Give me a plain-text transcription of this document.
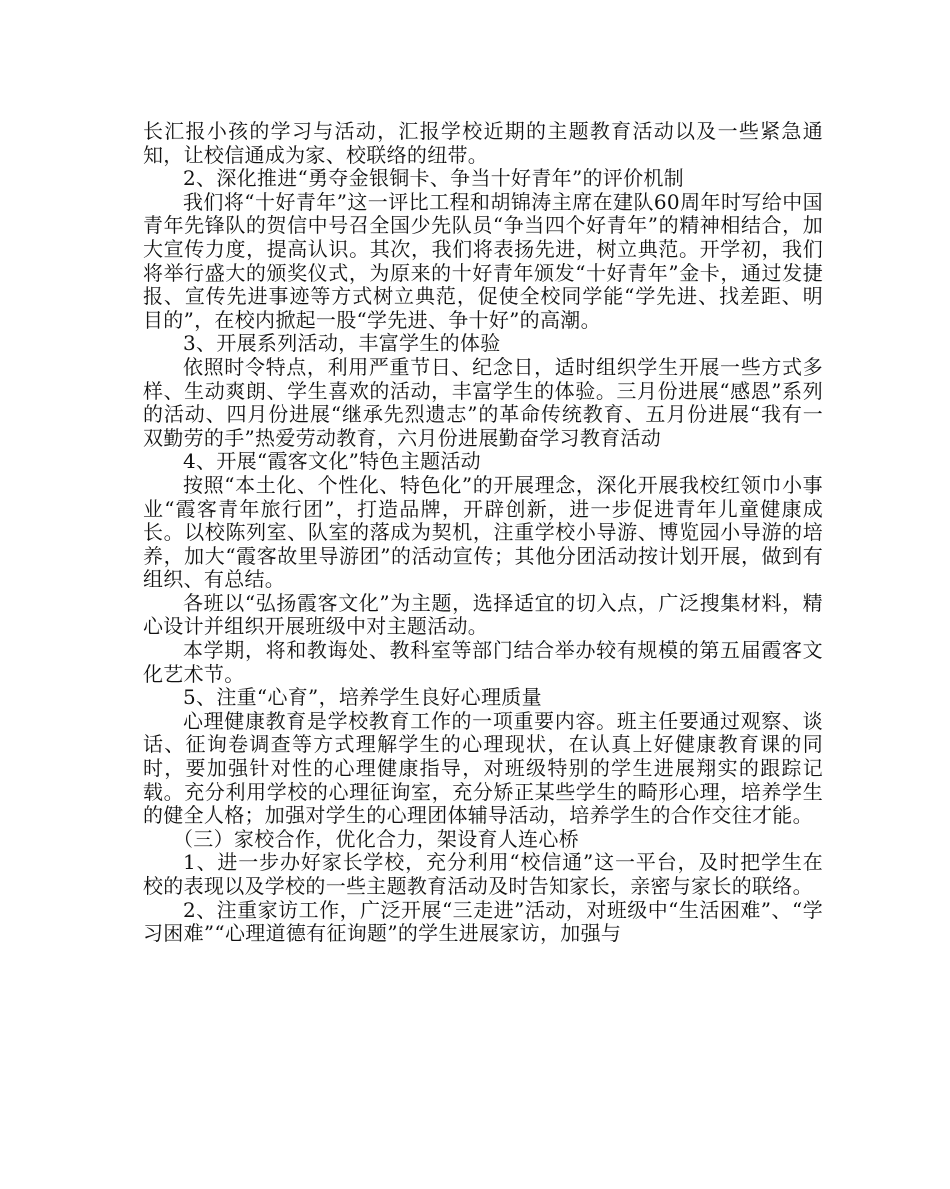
长汇报小孩的学习与活动，汇报学校近期的主题教育活动以及一些紧急通知，让校信通成为家、校联络的纽带。

2、深化推进“勇夺金银铜卡、争当十好青年”的评价机制

我们将“十好青年”这一评比工程和胡锦涛主席在建队60周年时写给中国青年先锋队的贺信中号召全国少先队员“争当四个好青年”的精神相结合，加大宣传力度，提高认识。其次，我们将表扬先进，树立典范。开学初，我们将举行盛大的颁奖仪式，为原来的十好青年颁发“十好青年”金卡，通过发捷报、宣传先进事迹等方式树立典范，促使全校同学能“学先进、找差距、明目的”，在校内掀起一股“学先进、争十好”的高潮。

3、开展系列活动，丰富学生的体验

依照时令特点，利用严重节日、纪念日，适时组织学生开展一些方式多样、生动爽朗、学生喜欢的活动，丰富学生的体验。三月份进展“感恩”系列的活动、四月份进展“继承先烈遗志”的革命传统教育、五月份进展“我有一双勤劳的手”热爱劳动教育，六月份进展勤奋学习教育活动

4、开展“霞客文化”特色主题活动

按照“本土化、个性化、特色化”的开展理念，深化开展我校红领巾小事业“霞客青年旅行团”，打造品牌，开辟创新，进一步促进青年儿童健康成长。以校陈列室、队室的落成为契机，注重学校小导游、博览园小导游的培养，加大“霞客故里导游团”的活动宣传；其他分团活动按计划开展，做到有组织、有总结。

各班以“弘扬霞客文化”为主题，选择适宜的切入点，广泛搜集材料，精心设计并组织开展班级中对主题活动。

本学期，将和教诲处、教科室等部门结合举办较有规模的第五届霞客文化艺术节。

5、注重“心育”，培养学生良好心理质量

心理健康教育是学校教育工作的一项重要内容。班主任要通过观察、谈话、征询卷调查等方式理解学生的心理现状，在认真上好健康教育课的同时，要加强针对性的心理健康指导，对班级特别的学生进展翔实的跟踪记载。充分利用学校的心理征询室，充分矫正某些学生的畸形心理，培养学生的健全人格；加强对学生的心理团体辅导活动，培养学生的合作交往才能。

（三）家校合作，优化合力，架设育人连心桥

1、进一步办好家长学校，充分利用“校信通”这一平台，及时把学生在校的表现以及学校的一些主题教育活动及时告知家长，亲密与家长的联络。

2、注重家访工作，广泛开展“三走进”活动，对班级中“生活困难”、“学习困难”“心理道德有征询题”的学生进展家访，加强与
